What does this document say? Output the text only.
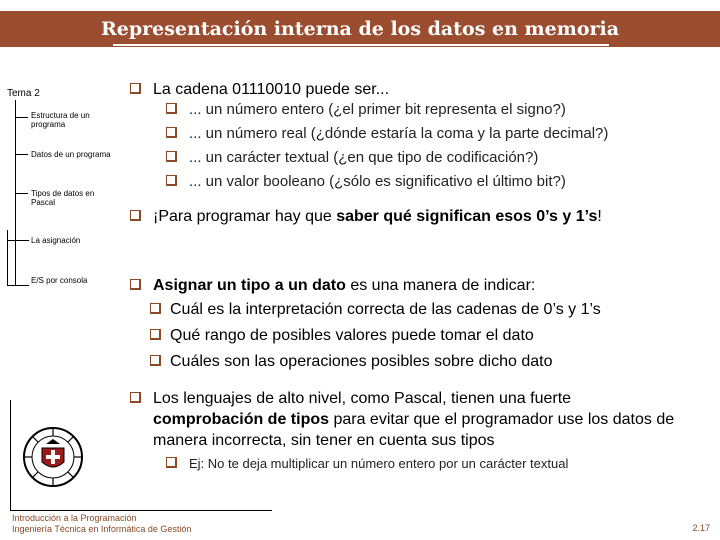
Representación interna de los datos en memoria
Tema 2
Estructura de un programa
Datos de un programa
Tipos de datos en Pascal
La asignación
E/S por consola
La cadena 01110010 puede ser...
... un número entero (¿el primer bit representa el signo?)
... un número real (¿dónde estaría la coma y la parte decimal?)
... un carácter textual (¿en que tipo de codificación?)
... un valor booleano (¿sólo es significativo el último bit?)
¡Para programar hay que saber qué significan esos 0’s y 1’s!
Asignar un tipo a un dato es una manera de indicar:
Cuál es la interpretación correcta de las cadenas de 0’s y 1’s
Qué rango de posibles valores puede tomar el dato
Cuáles son las operaciones posibles sobre dicho dato
Los lenguajes de alto nivel, como Pascal, tienen una fuerte comprobación de tipos para evitar que el programador use los datos de manera incorrecta, sin tener en cuenta sus tipos
Ej: No te deja multiplicar un número entero por un carácter textual
Introducción a la Programación
Ingeniería Técnica en Informática de Gestión	2.17
